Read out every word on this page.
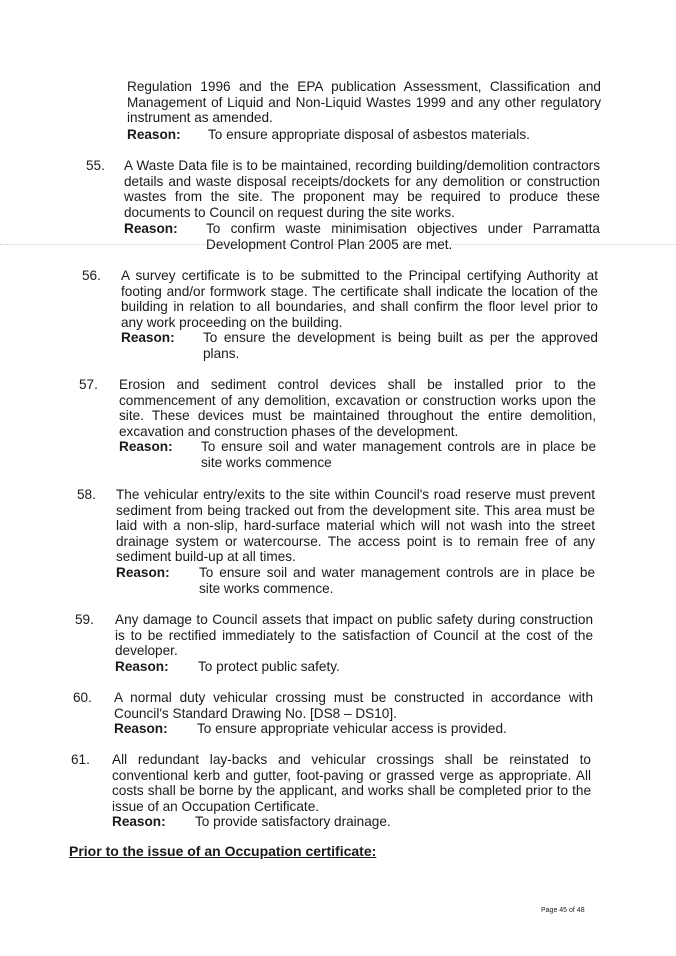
Regulation 1996 and the EPA publication Assessment, Classification and Management of Liquid and Non-Liquid Wastes 1999 and any other regulatory instrument as amended.

Reason: To ensure appropriate disposal of asbestos materials.
55. A Waste Data file is to be maintained, recording building/demolition contractors details and waste disposal receipts/dockets for any demolition or construction wastes from the site. The proponent may be required to produce these documents to Council on request during the site works.

Reason: To confirm waste minimisation objectives under Parramatta Development Control Plan 2005 are met.
56. A survey certificate is to be submitted to the Principal certifying Authority at footing and/or formwork stage. The certificate shall indicate the location of the building in relation to all boundaries, and shall confirm the floor level prior to any work proceeding on the building.

Reason: To ensure the development is being built as per the approved plans.
57. Erosion and sediment control devices shall be installed prior to the commencement of any demolition, excavation or construction works upon the site. These devices must be maintained throughout the entire demolition, excavation and construction phases of the development.

Reason: To ensure soil and water management controls are in place be site works commence
58. The vehicular entry/exits to the site within Council's road reserve must prevent sediment from being tracked out from the development site. This area must be laid with a non-slip, hard-surface material which will not wash into the street drainage system or watercourse. The access point is to remain free of any sediment build-up at all times.

Reason: To ensure soil and water management controls are in place be site works commence.
59. Any damage to Council assets that impact on public safety during construction is to be rectified immediately to the satisfaction of Council at the cost of the developer.

Reason: To protect public safety.
60. A normal duty vehicular crossing must be constructed in accordance with Council's Standard Drawing No. [DS8 – DS10].

Reason: To ensure appropriate vehicular access is provided.
61. All redundant lay-backs and vehicular crossings shall be reinstated to conventional kerb and gutter, foot-paving or grassed verge as appropriate. All costs shall be borne by the applicant, and works shall be completed prior to the issue of an Occupation Certificate.

Reason: To provide satisfactory drainage.
Prior to the issue of an Occupation certificate:
Page 45 of 48
